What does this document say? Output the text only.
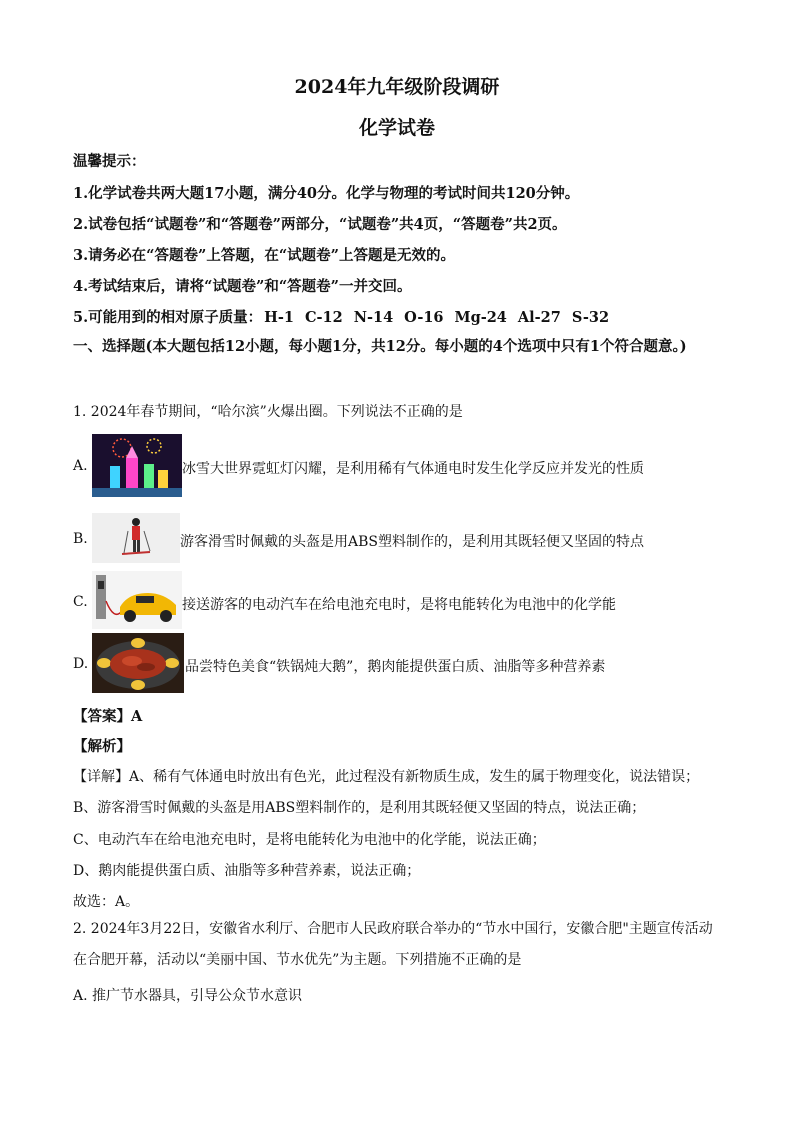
2024年九年级阶段调研
化学试卷
温馨提示：
1.化学试卷共两大题17小题，满分40分。化学与物理的考试时间共120分钟。
2.试卷包括“试题卷”和“答题卷”两部分，“试题卷”共4页，“答题卷”共2页。
3.请务必在“答题卷”上答题，在“试题卷”上答题是无效的。
4.考试结束后，请将“试题卷”和“答题卷”一并交回。
5.可能用到的相对原子质量： H-1 C-12 N-14 O-16 Mg-24 Al-27 S-32
一、选择题(本大题包括12小题，每小题1分，共12分。每小题的4个选项中只有1个符合题意。)
1. 2024年春节期间，“哈尔滨”火爆出圈。下列说法不正确的是
A.	冰雪大世界霓虹灯闪耀，是利用稀有气体通电时发生化学反应并发光的性质
B.	游客滑雪时佩戴的头盔是用ABS塑料制作的，是利用其既轻便又坚固的特点
C.	接送游客的电动汽车在给电池充电时，是将电能转化为电池中的化学能
D.	品尝特色美食“铁锅炖大鹅”，鹅肉能提供蛋白质、油脂等多种营养素
【答案】A
【解析】
【详解】A、稀有气体通电时放出有色光，此过程没有新物质生成，发生的属于物理变化，说法错误；
B、游客滑雪时佩戴的头盔是用ABS塑料制作的，是利用其既轻便又坚固的特点，说法正确；
C、电动汽车在给电池充电时，是将电能转化为电池中的化学能，说法正确；
D、鹅肉能提供蛋白质、油脂等多种营养素，说法正确；
故选：A。
2. 2024年3月22日，安徽省水利厅、合肥市人民政府联合举办的“节水中国行，安徽合肥"主题宣传活动在合肥开幕，活动以“美丽中国、节水优先”为主题。下列措施不正确的是
A. 推广节水器具，引导公众节水意识
